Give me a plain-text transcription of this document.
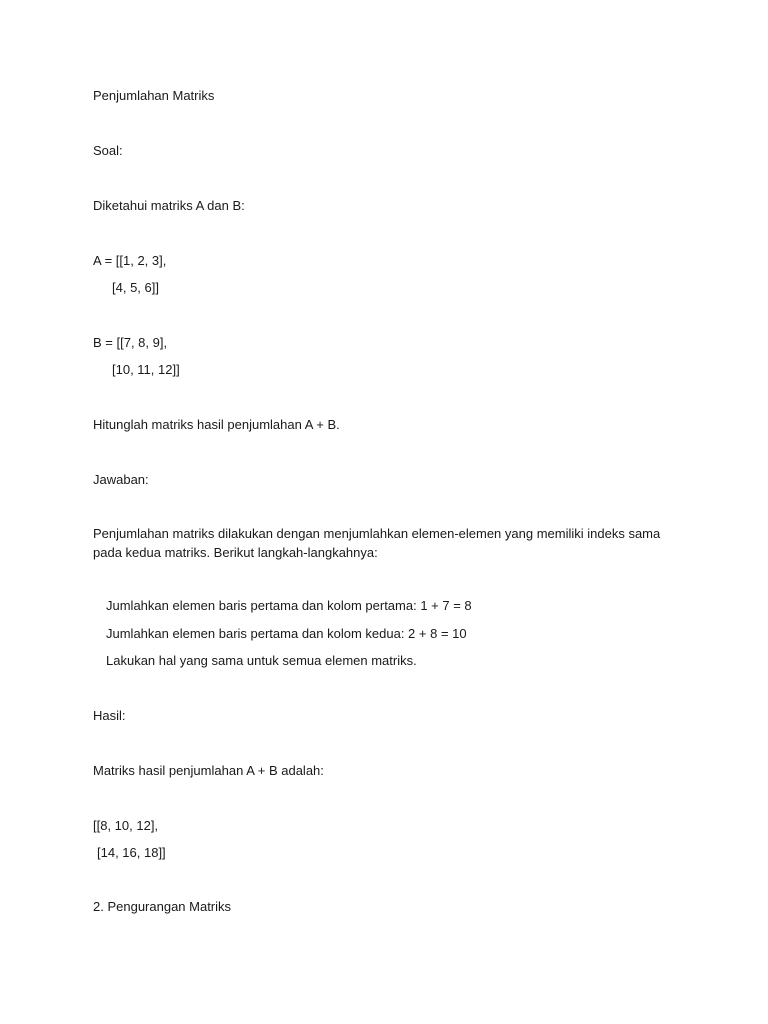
Penjumlahan Matriks
Soal:
Diketahui matriks A dan B:
A = [[1, 2, 3],
[4, 5, 6]]
B = [[7, 8, 9],
[10, 11, 12]]
Hitunglah matriks hasil penjumlahan A + B.
Jawaban:
Penjumlahan matriks dilakukan dengan menjumlahkan elemen-elemen yang memiliki indeks sama pada kedua matriks. Berikut langkah-langkahnya:
Jumlahkan elemen baris pertama dan kolom pertama: 1 + 7 = 8
Jumlahkan elemen baris pertama dan kolom kedua: 2 + 8 = 10
Lakukan hal yang sama untuk semua elemen matriks.
Hasil:
Matriks hasil penjumlahan A + B adalah:
[[8, 10, 12],
[14, 16, 18]]
2. Pengurangan Matriks
